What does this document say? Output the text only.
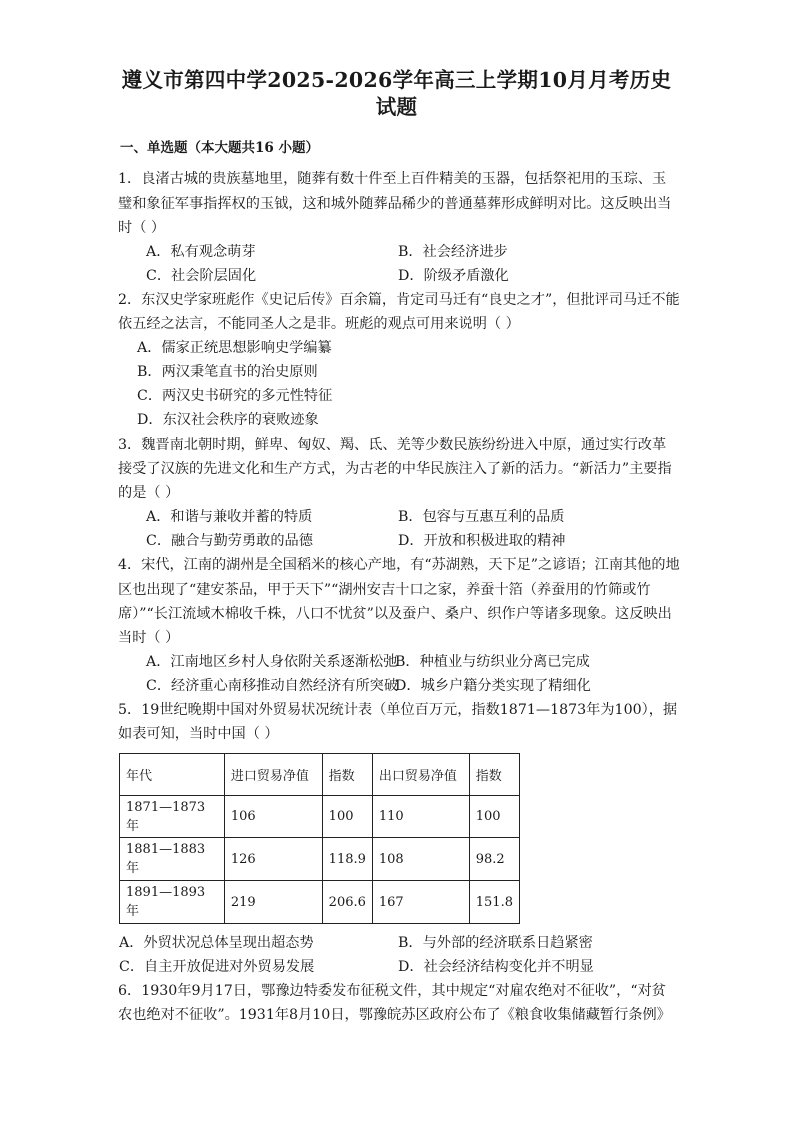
遵义市第四中学2025-2026学年高三上学期10月月考历史
试题
一、单选题（本大题共16 小题）
1．良渚古城的贵族墓地里，随葬有数十件至上百件精美的玉器，包括祭祀用的玉琮、玉
璧和象征军事指挥权的玉钺，这和城外随葬品稀少的普通墓葬形成鲜明对比。这反映出当
时（ ）
A．私有观念萌芽	B．社会经济进步
C．社会阶层固化	D．阶级矛盾激化
2．东汉史学家班彪作《史记后传》百余篇，肯定司马迁有“良史之才”，但批评司马迁不能
依五经之法言，不能同圣人之是非。班彪的观点可用来说明（ ）
A．儒家正统思想影响史学编纂
B．两汉秉笔直书的治史原则
C．两汉史书研究的多元性特征
D．东汉社会秩序的衰败迹象
3．魏晋南北朝时期，鲜卑、匈奴、羯、氐、羌等少数民族纷纷进入中原，通过实行改革
接受了汉族的先进文化和生产方式，为古老的中华民族注入了新的活力。“新活力”主要指
的是（ ）
A．和谐与兼收并蓄的特质	B．包容与互惠互利的品质
C．融合与勤劳勇敢的品德	D．开放和积极进取的精神
4．宋代，江南的湖州是全国稻米的核心产地，有“苏湖熟，天下足”之谚语；江南其他的地
区也出现了“建安茶品，甲于天下”“湖州安吉十口之家，养蚕十箔（养蚕用的竹筛或竹
席）”“长江流域木棉收千株，八口不忧贫”以及蚕户、桑户、织作户等诸多现象。这反映出
当时（ ）
A．江南地区乡村人身依附关系逐渐松弛
B．种植业与纺织业分离已完成
C．经济重心南移推动自然经济有所突破
D．城乡户籍分类实现了精细化
5．19世纪晚期中国对外贸易状况统计表（单位百万元，指数1871—1873年为100），据
如表可知，当时中国（ ）
年代	进口贸易净值	指数	出口贸易净值	指数
1871—1873年	106	100	110	100
1881—1883年	126	118.9	108	98.2
1891—1893年	219	206.6	167	151.8
A．外贸状况总体呈现出超态势	B．与外部的经济联系日趋紧密
C．自主开放促进对外贸易发展	D．社会经济结构变化并不明显
6．1930年9月17日，鄂豫边特委发布征税文件，其中规定“对雇农绝对不征收”，“对贫
农也绝对不征收”。1931年8月10日，鄂豫皖苏区政府公布了《粮食收集储藏暂行条例》
